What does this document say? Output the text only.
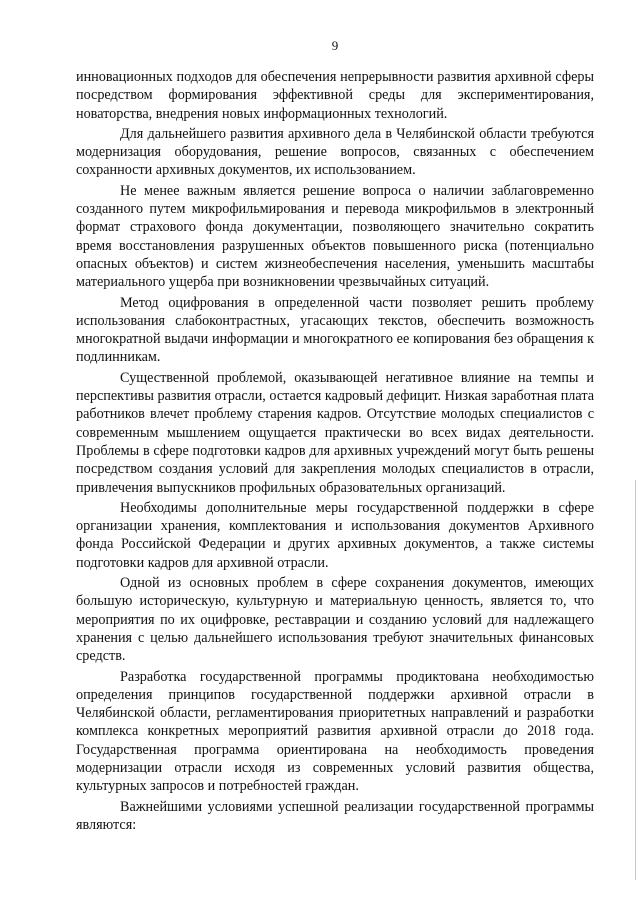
9

инновационных подходов для обеспечения непрерывности развития архивной сферы посредством формирования эффективной среды для экспериментирования, новаторства, внедрения новых информационных технологий.

Для дальнейшего развития архивного дела в Челябинской области требуются модернизация оборудования, решение вопросов, связанных с обеспечением сохранности архивных документов, их использованием.

Не менее важным является решение вопроса о наличии заблаговременно созданного путем микрофильмирования и перевода микрофильмов в электронный формат страхового фонда документации, позволяющего значительно сократить время восстановления разрушенных объектов повышенного риска (потенциально опасных объектов) и систем жизнеобеспечения населения, уменьшить масштабы материального ущерба при возникновении чрезвычайных ситуаций.

Метод оцифрования в определенной части позволяет решить проблему использования слабоконтрастных, угасающих текстов, обеспечить возможность многократной выдачи информации и многократного ее копирования без обращения к подлинникам.

Существенной проблемой, оказывающей негативное влияние на темпы и перспективы развития отрасли, остается кадровый дефицит. Низкая заработная плата работников влечет проблему старения кадров. Отсутствие молодых специалистов с современным мышлением ощущается практически во всех видах деятельности. Проблемы в сфере подготовки кадров для архивных учреждений могут быть решены посредством создания условий для закрепления молодых специалистов в отрасли, привлечения выпускников профильных образовательных организаций.

Необходимы дополнительные меры государственной поддержки в сфере организации хранения, комплектования и использования документов Архивного фонда Российской Федерации и других архивных документов, а также системы подготовки кадров для архивной отрасли.

Одной из основных проблем в сфере сохранения документов, имеющих большую историческую, культурную и материальную ценность, является то, что мероприятия по их оцифровке, реставрации и созданию условий для надлежащего хранения с целью дальнейшего использования требуют значительных финансовых средств.

Разработка государственной программы продиктована необходимостью определения принципов государственной поддержки архивной отрасли в Челябинской области, регламентирования приоритетных направлений и разработки комплекса конкретных мероприятий развития архивной отрасли до 2018 года. Государственная программа ориентирована на необходимость проведения модернизации отрасли исходя из современных условий развития общества, культурных запросов и потребностей граждан.

Важнейшими условиями успешной реализации государственной программы являются:
